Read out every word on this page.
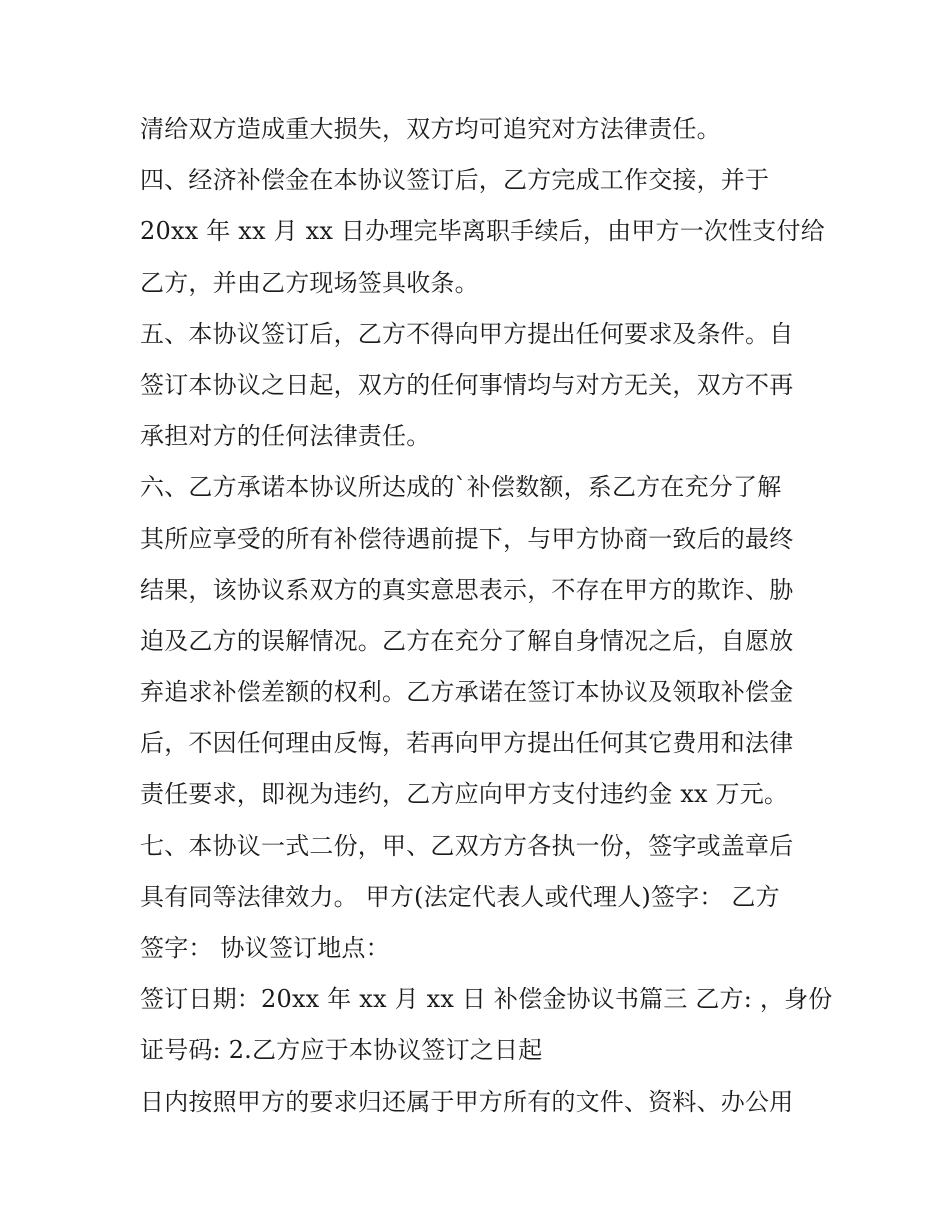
清给双方造成重大损失，双方均可追究对方法律责任。
四、经济补偿金在本协议签订后，乙方完成工作交接，并于
20xx 年 xx 月 xx 日办理完毕离职手续后，由甲方一次性支付给
乙方，并由乙方现场签具收条。
五、本协议签订后，乙方不得向甲方提出任何要求及条件。自
签订本协议之日起，双方的任何事情均与对方无关，双方不再
承担对方的任何法律责任。
六、乙方承诺本协议所达成的`补偿数额，系乙方在充分了解
其所应享受的所有补偿待遇前提下，与甲方协商一致后的最终
结果，该协议系双方的真实意思表示，不存在甲方的欺诈、胁
迫及乙方的误解情况。乙方在充分了解自身情况之后，自愿放
弃追求补偿差额的权利。乙方承诺在签订本协议及领取补偿金
后，不因任何理由反悔，若再向甲方提出任何其它费用和法律
责任要求，即视为违约，乙方应向甲方支付违约金 xx 万元。
七、本协议一式二份，甲、乙双方方各执一份，签字或盖章后
具有同等法律效力。 甲方(法定代表人或代理人)签字： 乙方
签字： 协议签订地点：
签订日期：20xx 年 xx 月 xx 日 补偿金协议书篇三 乙方: ，身份
证号码: 2.乙方应于本协议签订之日起
日内按照甲方的要求归还属于甲方所有的文件、资料、办公用
